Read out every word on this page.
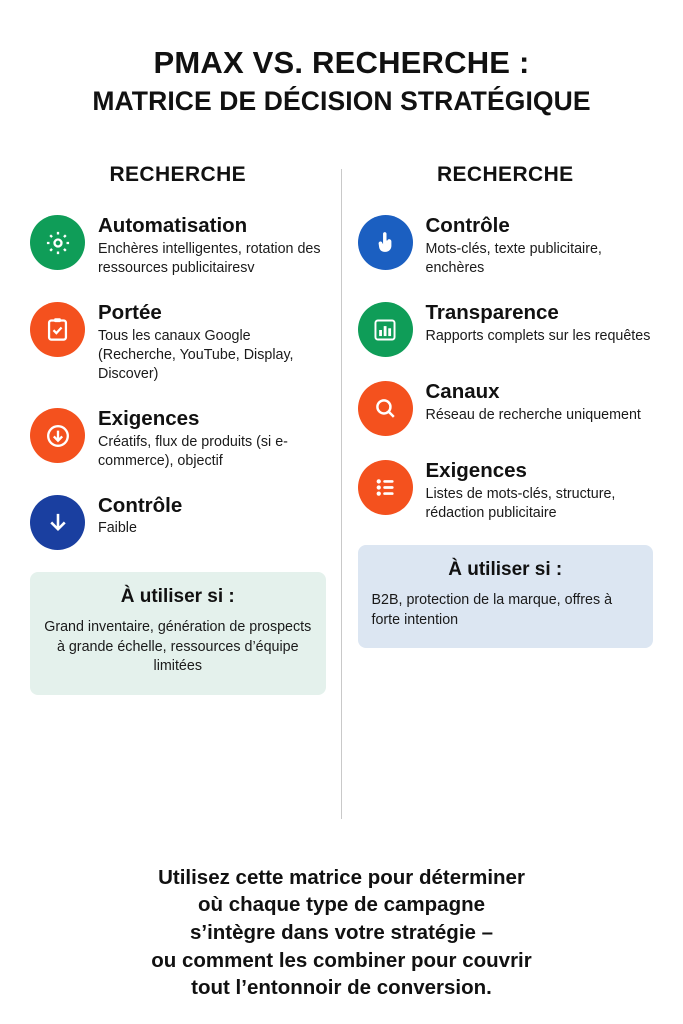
PMAX VS. RECHERCHE :
MATRICE DE DÉCISION STRATÉGIQUE
RECHERCHE
Automatisation
Enchères intelligentes, rotation des ressources publicitairesv
Portée
Tous les canaux Google (Recherche, YouTube, Display, Discover)
Exigences
Créatifs, flux de produits (si e-commerce), objectif
Contrôle
Faible
À utiliser si :
Grand inventaire, génération de prospects à grande échelle, ressources d’équipe limitées
RECHERCHE
Contrôle
Mots-clés, texte publicitaire, enchères
Transparence
Rapports complets sur les requêtes
Canaux
Réseau de recherche uniquement
Exigences
Listes de mots-clés, structure, rédaction publicitaire
À utiliser si :
B2B, protection de la marque, offres à forte intention
Utilisez cette matrice pour déterminer
où chaque type de campagne
s’intègre dans votre stratégie –
ou comment les combiner pour couvrir
tout l’entonnoir de conversion.
